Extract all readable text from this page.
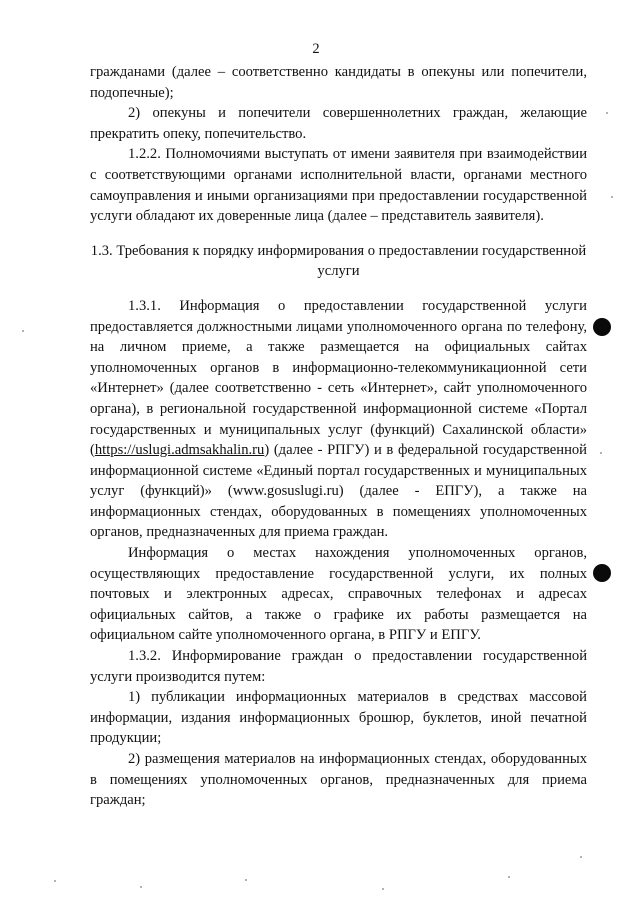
2

гражданами (далее – соответственно кандидаты в опекуны или попечители, подопечные);

2) опекуны и попечители совершеннолетних граждан, желающие прекратить опеку, попечительство.

1.2.2. Полномочиями выступать от имени заявителя при взаимодействии с соответствующими органами исполнительной власти, органами местного самоуправления и иными организациями при предоставлении государственной услуги обладают их доверенные лица (далее – представитель заявителя).

1.3. Требования к порядку информирования о предоставлении государственной услуги

1.3.1. Информация о предоставлении государственной услуги предоставляется должностными лицами уполномоченного органа по телефону, на личном приеме, а также размещается на официальных сайтах уполномоченных органов в информационно-телекоммуникационной сети «Интернет» (далее соответственно - сеть «Интернет», сайт уполномоченного органа), в региональной государственной информационной системе «Портал государственных и муниципальных услуг (функций) Сахалинской области» (https://uslugi.admsakhalin.ru) (далее - РПГУ) и в федеральной государственной информационной системе «Единый портал государственных и муниципальных услуг (функций)» (www.gosuslugi.ru) (далее - ЕПГУ), а также на информационных стендах, оборудованных в помещениях уполномоченных органов, предназначенных для приема граждан.

Информация о местах нахождения уполномоченных органов, осуществляющих предоставление государственной услуги, их полных почтовых и электронных адресах, справочных телефонах и адресах официальных сайтов, а также о графике их работы размещается на официальном сайте уполномоченного органа, в РПГУ и ЕПГУ.

1.3.2. Информирование граждан о предоставлении государственной услуги производится путем:

1) публикации информационных материалов в средствах массовой информации, издания информационных брошюр, буклетов, иной печатной продукции;

2) размещения материалов на информационных стендах, оборудованных в помещениях уполномоченных органов, предназначенных для приема граждан;
